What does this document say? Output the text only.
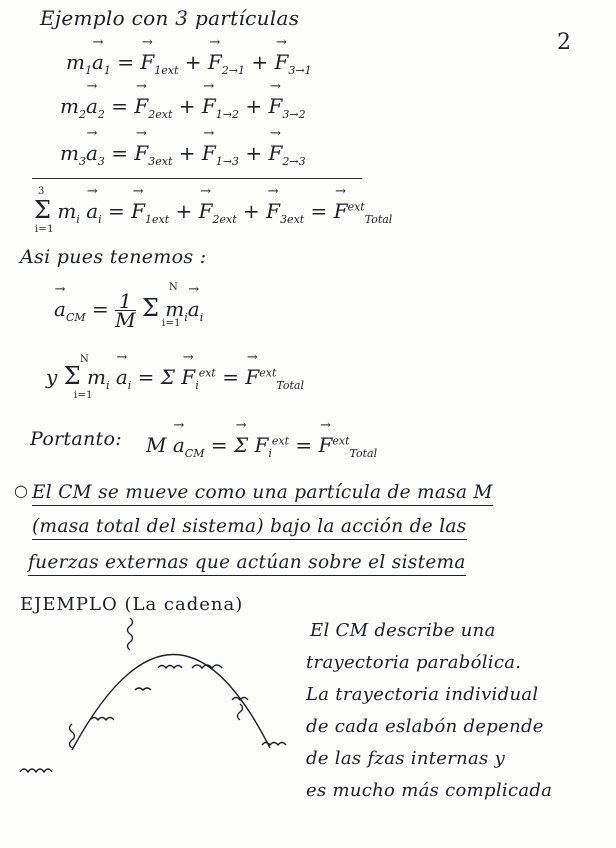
2
Ejemplo con 3 partículas
$m_1\to a_1$ = → $F_{1ext}$ + → $F_{2\to 1}$ + → $F_{3\to 1}$
$m_2\to a_2$ = → $F_{2ext}$ + → $F_{1\to 2}$ + → $F_{3\to 2}$
$m_3\to a_3$ = → $F_{3ext}$ + → $F_{1\to 3}$ + → $F_{2\to 3}$
Σ $m_i \to a_i$ = → $F_{1ext}$ + → $F_{2ext}$ + → $F_{3ext}$ = → $F^{ext}_{Total}$
3
i=1
Asi pues tenemos :
→ $a_{CM} = \frac{1}{M}$ Σ $m_i\to a_i$
N
i=1
y Σ $m_i \to a_i = \Sigma \to F_i^{ext}$ = → $F^{ext}_{Total}$
N
i=1
Portanto: $M \to a_{CM}$ = → Σ $F_i^{ext}$ = → $F^{ext}_{Total}$
○ El CM se mueve como una partícula de masa M
(masa total del sistema) bajo la acción de las
fuerzas externas que actúan sobre el sistema
EJEMPLO (La cadena)
El CM describe una
trayectoria parabólica.
La trayectoria individual
de cada eslabón depende
de las fzas internas y
es mucho más complicada
